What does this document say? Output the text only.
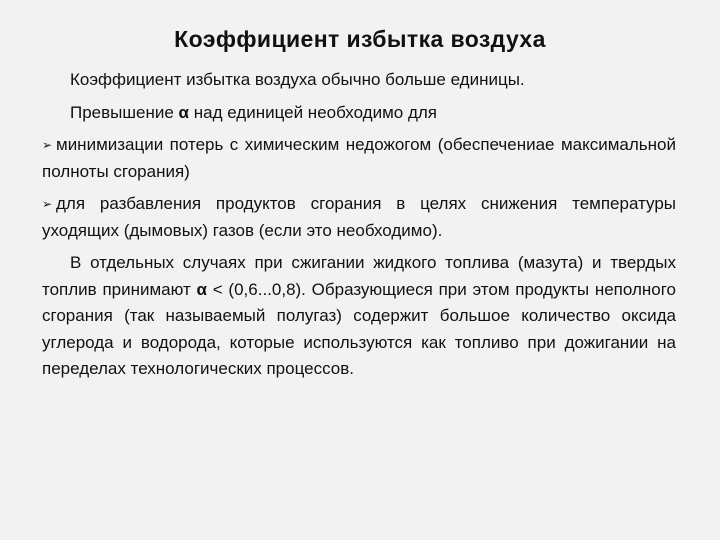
Коэффициент избытка воздуха

Коэффициент избытка воздуха обычно больше единицы.

Превышение α над единицей необходимо для

➢ минимизации потерь с химическим недожогом (обеспечениае максимальной полноты сгорания)

➢ для разбавления продуктов сгорания в целях снижения температуры уходящих (дымовых) газов (если это необходимо).

В отдельных случаях при сжигании жидкого топлива (мазута) и твердых топлив принимают α < (0,6...0,8). Образующиеся при этом продукты неполного сгорания (так называемый полугаз) содержит большое количество оксида углерода и водорода, которые используются как топливо при дожигании на переделах технологических процессов.
